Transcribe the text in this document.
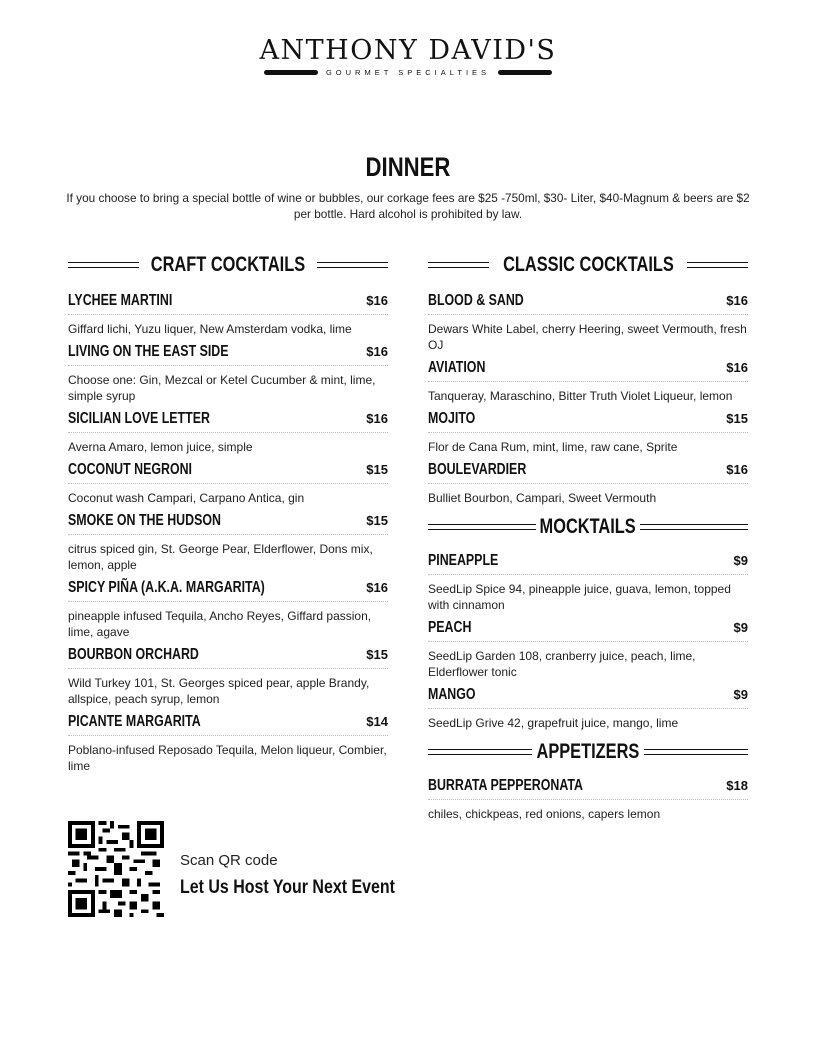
ANTHONY DAVID'S
GOURMET SPECIALTIES
DINNER
If you choose to bring a special bottle of wine or bubbles, our corkage fees are $25 -750ml, $30- Liter, $40-Magnum & beers are $2 per bottle. Hard alcohol is prohibited by law.
CRAFT COCKTAILS
LYCHEE MARTINI	$16
Giffard lichi, Yuzu liquer, New Amsterdam vodka, lime
LIVING ON THE EAST SIDE	$16
Choose one: Gin, Mezcal or Ketel Cucumber & mint, lime, simple syrup
SICILIAN LOVE LETTER	$16
Averna Amaro, lemon juice, simple
COCONUT NEGRONI	$15
Coconut wash Campari, Carpano Antica, gin
SMOKE ON THE HUDSON	$15
citrus spiced gin, St. George Pear, Elderflower, Dons mix, lemon, apple
SPICY PIÑA (A.K.A. MARGARITA)	$16
pineapple infused Tequila, Ancho Reyes, Giffard passion, lime, agave
BOURBON ORCHARD	$15
Wild Turkey 101, St. Georges spiced pear, apple Brandy, allspice, peach syrup, lemon
PICANTE MARGARITA	$14
Poblano-infused Reposado Tequila, Melon liqueur, Combier, lime
CLASSIC COCKTAILS
BLOOD & SAND	$16
Dewars White Label, cherry Heering, sweet Vermouth, fresh OJ
AVIATION	$16
Tanqueray, Maraschino, Bitter Truth Violet Liqueur, lemon
MOJITO	$15
Flor de Cana Rum, mint, lime, raw cane, Sprite
BOULEVARDIER	$16
Bulliet Bourbon, Campari, Sweet Vermouth
MOCKTAILS
PINEAPPLE	$9
SeedLip Spice 94, pineapple juice, guava, lemon, topped with cinnamon
PEACH	$9
SeedLip Garden 108, cranberry juice, peach, lime, Elderflower tonic
MANGO	$9
SeedLip Grive 42, grapefruit juice, mango, lime
APPETIZERS
BURRATA PEPPERONATA	$18
chiles, chickpeas, red onions, capers lemon
Scan QR code
Let Us Host Your Next Event
